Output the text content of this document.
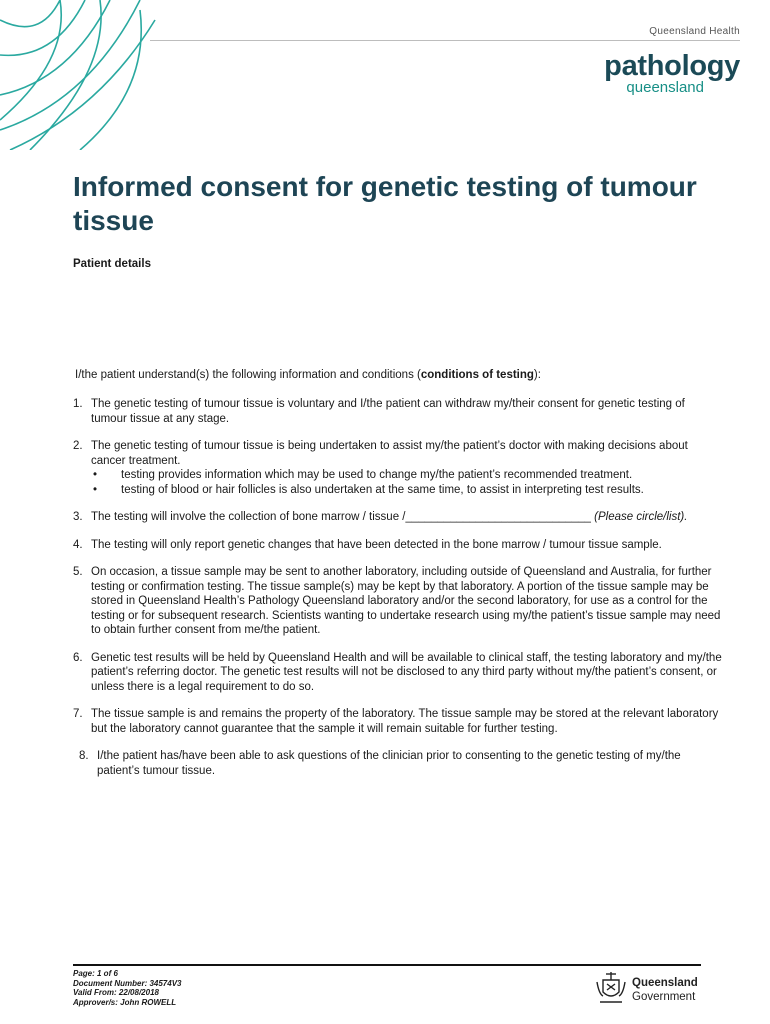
Queensland Health
pathology
queensland
Informed consent for genetic testing of tumour tissue
Patient details
I/the patient understand(s) the following information and conditions (conditions of testing):
1. The genetic testing of tumour tissue is voluntary and I/the patient can withdraw my/their consent for genetic testing of tumour tissue at any stage.
2. The genetic testing of tumour tissue is being undertaken to assist my/the patient’s doctor with making decisions about cancer treatment.
• testing provides information which may be used to change my/the patient’s recommended treatment.
• testing of blood or hair follicles is also undertaken at the same time, to assist in interpreting test results.
3. The testing will involve the collection of bone marrow / tissue /_____________________________ (Please circle/list).
4. The testing will only report genetic changes that have been detected in the bone marrow / tumour tissue sample.
5. On occasion, a tissue sample may be sent to another laboratory, including outside of Queensland and Australia, for further testing or confirmation testing. The tissue sample(s) may be kept by that laboratory. A portion of the tissue sample may be stored in Queensland Health’s Pathology Queensland laboratory and/or the second laboratory, for use as a control for the testing or for subsequent research. Scientists wanting to undertake research using my/the patient’s tissue sample may need to obtain further consent from me/the patient.
6. Genetic test results will be held by Queensland Health and will be available to clinical staff, the testing laboratory and my/the patient’s referring doctor. The genetic test results will not be disclosed to any third party without my/the patient’s consent, or unless there is a legal requirement to do so.
7. The tissue sample is and remains the property of the laboratory. The tissue sample may be stored at the relevant laboratory but the laboratory cannot guarantee that the sample it will remain suitable for further testing.
8. I/the patient has/have been able to ask questions of the clinician prior to consenting to the genetic testing of my/the patient’s tumour tissue.
Page: 1 of 6
Document Number: 34574V3
Valid From: 22/08/2018
Approver/s: John ROWELL
Queensland
Government
